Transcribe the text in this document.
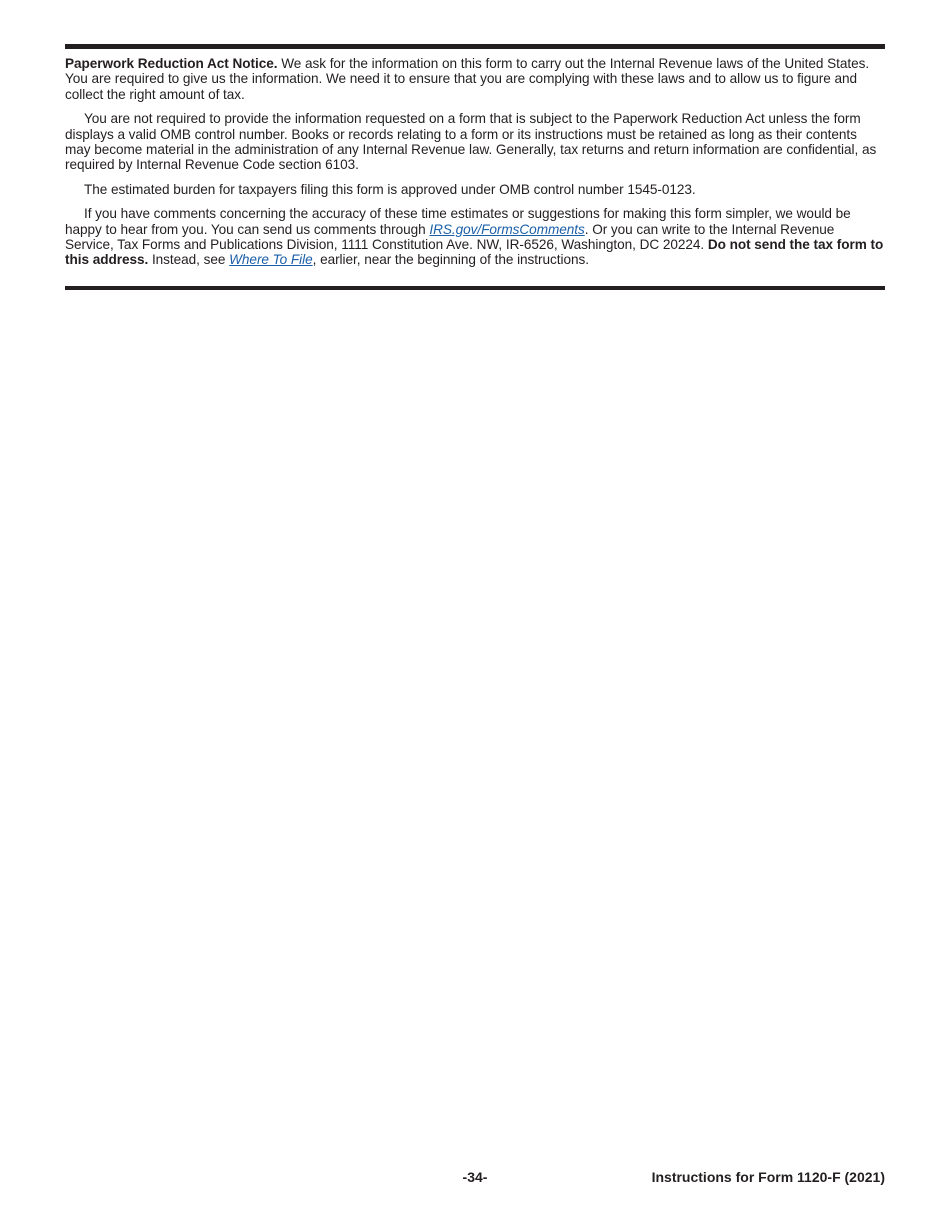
Paperwork Reduction Act Notice. We ask for the information on this form to carry out the Internal Revenue laws of the United States. You are required to give us the information. We need it to ensure that you are complying with these laws and to allow us to figure and collect the right amount of tax.

You are not required to provide the information requested on a form that is subject to the Paperwork Reduction Act unless the form displays a valid OMB control number. Books or records relating to a form or its instructions must be retained as long as their contents may become material in the administration of any Internal Revenue law. Generally, tax returns and return information are confidential, as required by Internal Revenue Code section 6103.

The estimated burden for taxpayers filing this form is approved under OMB control number 1545-0123.

If you have comments concerning the accuracy of these time estimates or suggestions for making this form simpler, we would be happy to hear from you. You can send us comments through IRS.gov/FormsComments. Or you can write to the Internal Revenue Service, Tax Forms and Publications Division, 1111 Constitution Ave. NW, IR-6526, Washington, DC 20224. Do not send the tax form to this address. Instead, see Where To File, earlier, near the beginning of the instructions.

-34-	Instructions for Form 1120-F (2021)
